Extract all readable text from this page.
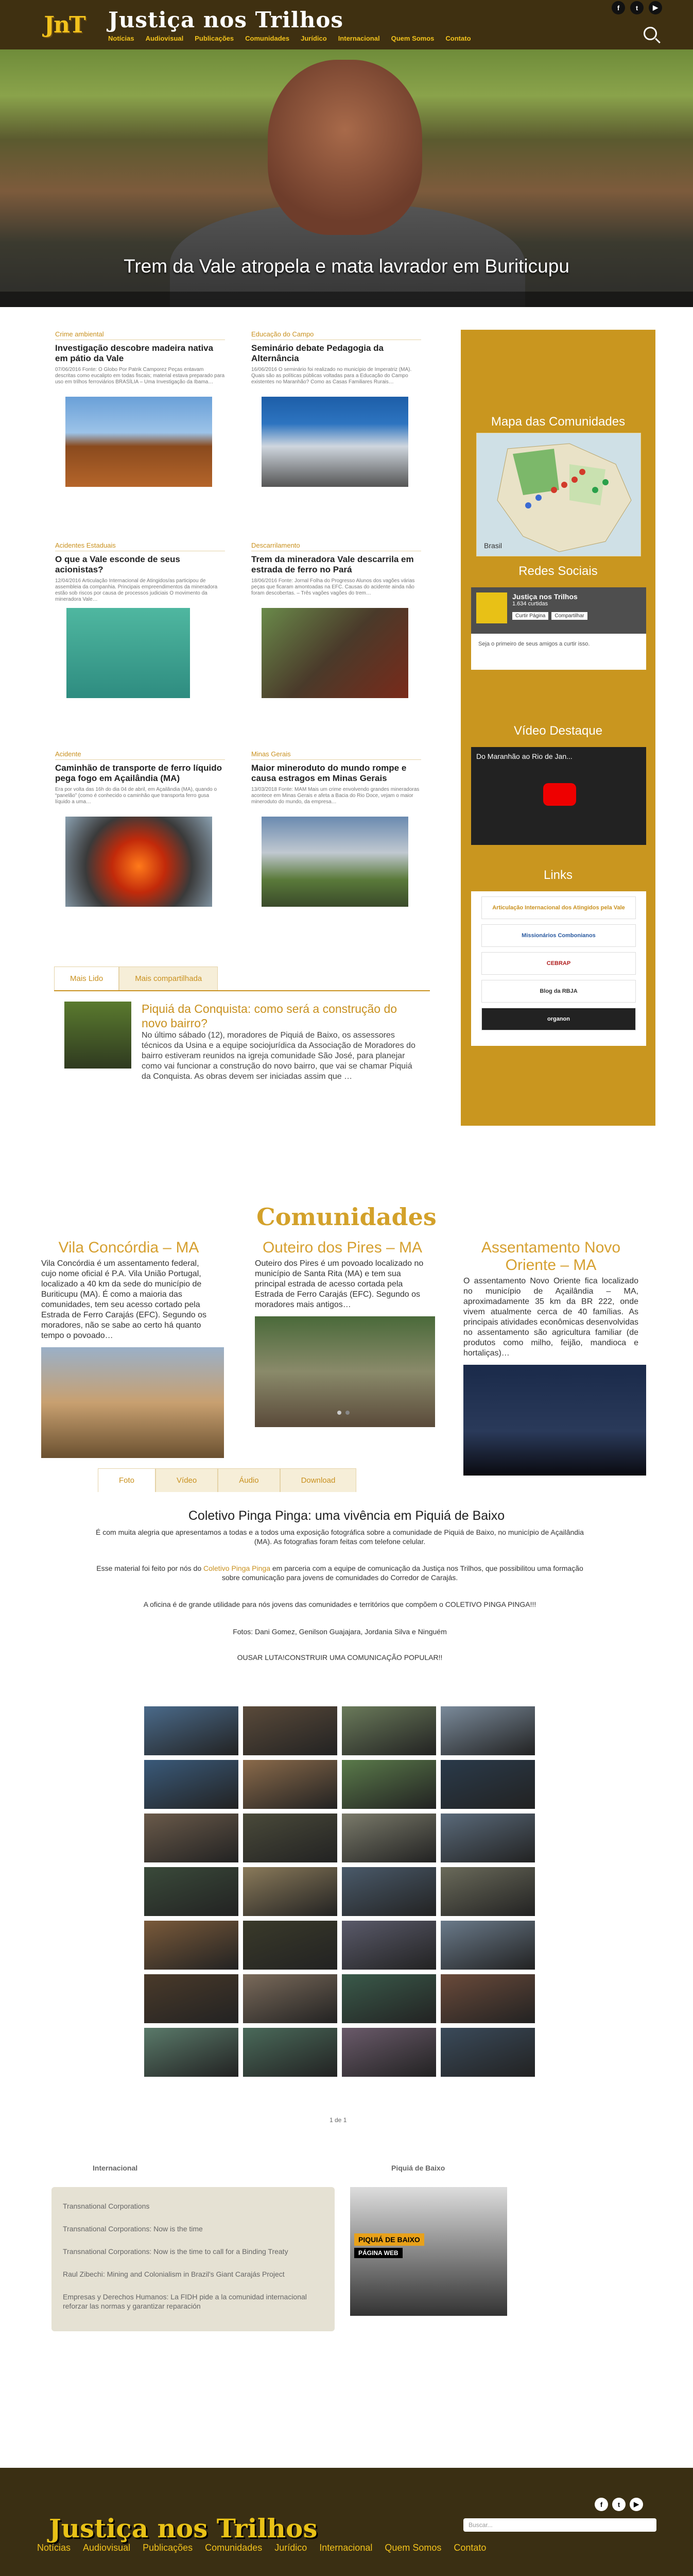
JnT	Justiça nos Trilhos
Notícias Audiovisual Publicações Comunidades Jurídico Internacional Quem Somos Contato
f	t	▶
Trem da Vale atropela e mata lavrador em Buriticupu
Crime ambiental
Investigação descobre madeira nativa em pátio da Vale
07/06/2016 Fonte: O Globo Por Patrik Camporez Peças entavam descritas como eucalipto em todas fiscais; material estava preparado para uso em trilhos ferroviários BRASÍLIA – Uma Investigação da Ibama…
Educação do Campo
Seminário debate Pedagogia da Alternância
16/06/2016 O seminário foi realizado no município de Imperatriz (MA). Quais são as políticas públicas voltadas para a Educação do Campo existentes no Maranhão? Como as Casas Familiares Rurais…
Acidentes Estaduais
O que a Vale esconde de seus acionistas?
12/04/2016 Articulação Internacional de Atingidos/as participou de assembleia da companhia. Principais empreendimentos da mineradora estão sob riscos por causa de processos judiciais O movimento da mineradora Vale…
Descarrilamento
Trem da mineradora Vale descarrila em estrada de ferro no Pará
18/06/2016 Fonte: Jornal Folha do Progresso Alunos dos vagões várias peças que ficaram amontoadas na EFC. Causas do acidente ainda não foram descobertas. – Três vagões vagões do trem…
Acidente
Caminhão de transporte de ferro líquido pega fogo em Açailândia (MA)
Era por volta das 16h do dia 04 de abril, em Açailândia (MA), quando o “panelão” (como é conhecido o caminhão que transporta ferro gusa líquido a uma…
Minas Gerais
Maior mineroduto do mundo rompe e causa estragos em Minas Gerais
13/03/2018 Fonte: MAM Mais um crime envolvendo grandes mineradoras acontece em Minas Gerais e afeta a Bacia do Rio Doce, vejam o maior mineroduto do mundo, da empresa…
Mais Lido	Mais compartilhada
Piquiá da Conquista: como será a construção do novo bairro?

No último sábado (12), moradores de Piquiá de Baixo, os assessores técnicos da Usina e a equipe sociojurídica da Associação de Moradores do bairro estiveram reunidos na igreja comunidade São José, para planejar como vai funcionar a construção do novo bairro, que vai se chamar Piquiá da Conquista. As obras devem ser iniciadas assim que …

Mapa das Comunidades
Brasil
Redes Sociais
Justiça nos Trilhos
1.634 curtidas
Curtir Página	Compartilhar
Seja o primeiro de seus amigos a curtir isso.
Vídeo Destaque
Do Maranhão ao Rio de Jan...
Links
Articulação Internacional dos Atingidos pela Vale
Missionários Combonianos
CEBRAP
Blog da RBJA
organon
Comunidades
Vila Concórdia – MA

Vila Concórdia é um assentamento federal, cujo nome oficial é P.A. Vila União Portugal, localizado a 40 km da sede do município de Buriticupu (MA). É como a maioria das comunidades, tem seu acesso cortado pela Estrada de Ferro Carajás (EFC). Segundo os moradores, não se sabe ao certo há quanto tempo o povoado…

Outeiro dos Pires – MA

Outeiro dos Pires é um povoado localizado no município de Santa Rita (MA) e tem sua principal estrada de acesso cortada pela Estrada de Ferro Carajás (EFC). Segundo os moradores mais antigos…

Assentamento Novo Oriente – MA

O assentamento Novo Oriente fica localizado no município de Açailândia – MA, aproximadamente 35 km da BR 222, onde vivem atualmente cerca de 40 famílias. As principais atividades econômicas desenvolvidas no assentamento são agricultura familiar (de produtos como milho, feijão, mandioca e hortaliças)…

Foto	Vídeo	Áudio	Download
Coletivo Pinga Pinga: uma vivência em Piquiá de Baixo
É com muita alegria que apresentamos a todas e a todos uma exposição fotográfica sobre a comunidade de Piquiá de Baixo, no município de Açailândia (MA). As fotografias foram feitas com telefone celular.
Esse material foi feito por nós do Coletivo Pinga Pinga em parceria com a equipe de comunicação da Justiça nos Trilhos, que possibilitou uma formação sobre comunicação para jovens de comunidades do Corredor de Carajás.
A oficina é de grande utilidade para nós jovens das comunidades e territórios que compõem o COLETIVO PINGA PINGA!!!
Fotos: Dani Gomez, Genilson Guajajara, Jordania Silva e Ninguém
OUSAR LUTA!CONSTRUIR UMA COMUNICAÇÃO POPULAR!!
1 de 1
Internacional	Piquiá de Baixo
Transnational Corporations
Transnational Corporations: Now is the time
Transnational Corporations: Now is the time to call for a Binding Treaty
Raul Zibechi: Mining and Colonialism in Brazil's Giant Carajás Project
Empresas y Derechos Humanos: La FIDH pide a la comunidad internacional reforzar las normas y garantizar reparación
PIQUIÁ DE BAIXO
PÁGINA WEB
f	t	▶
Justiça nos Trilhos	Buscar...
Notícias Audiovisual Publicações Comunidades Jurídico Internacional Quem Somos Contato
